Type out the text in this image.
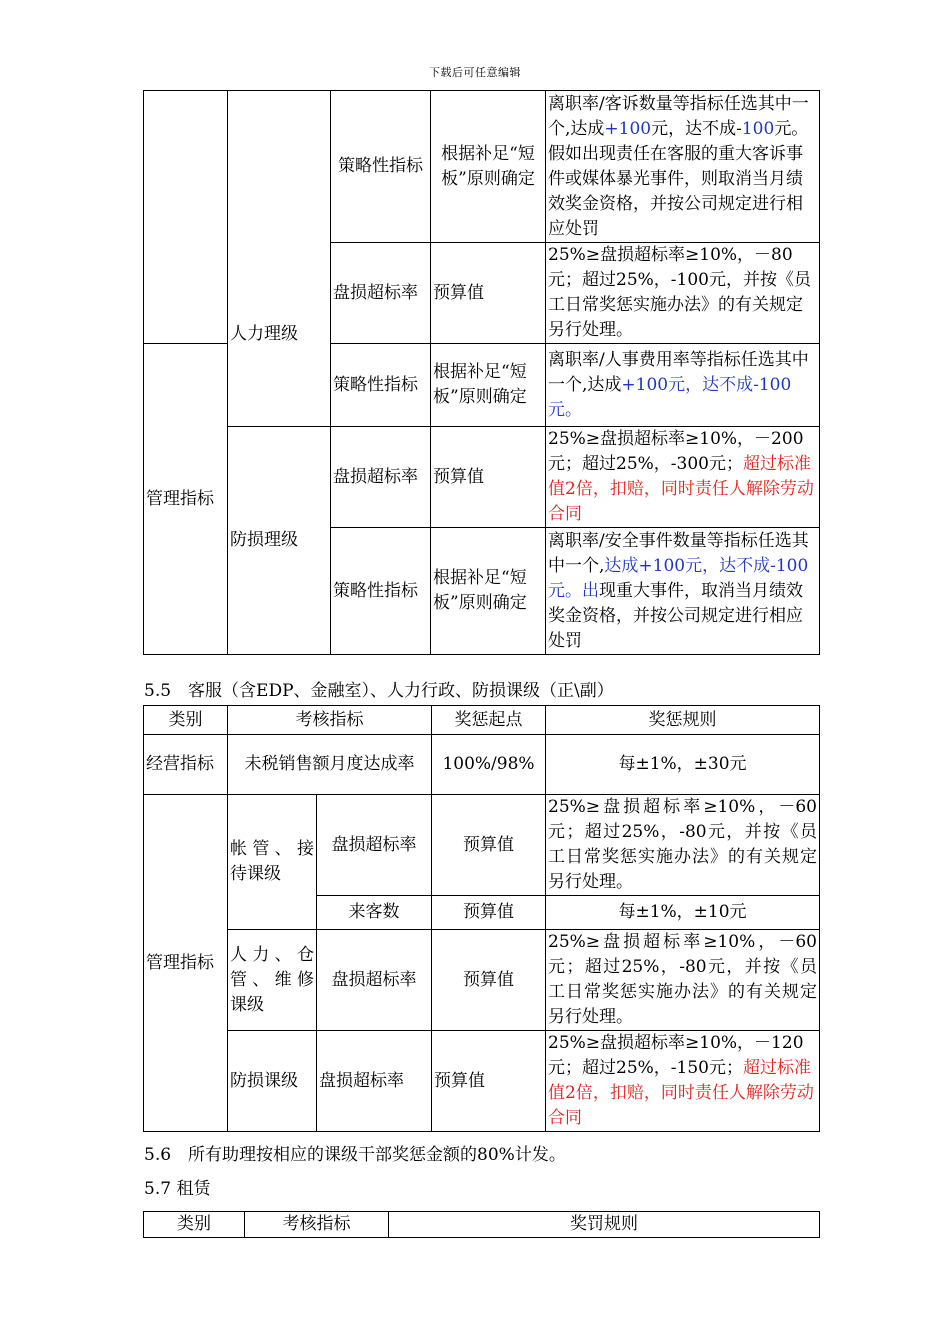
下载后可任意编辑
		策略性指标	根据补足“短板”原则确定	离职率/客诉数量等指标任选其中一个,达成+100元，达不成-100元。假如出现责任在客服的重大客诉事件或媒体暴光事件，则取消当月绩效奖金资格，并按公司规定进行相应处罚
	人力理级	盘损超标率	预算值	25%≥盘损超标率≥10%，－80元；超过25%，-100元，并按《员工日常奖惩实施办法》的有关规定另行处理。
管理指标		策略性指标	根据补足“短板”原则确定	离职率/人事费用率等指标任选其中一个,达成+100元，达不成-100元。
	防损理级	盘损超标率	预算值	25%≥盘损超标率≥10%，－200元；超过25%，-300元；超过标准值2倍，扣赔，同时责任人解除劳动合同
		策略性指标	根据补足“短板”原则确定	离职率/安全事件数量等指标任选其中一个,达成+100元，达不成-100元。出现重大事件，取消当月绩效奖金资格，并按公司规定进行相应处罚
5.5　客服（含EDP、金融室）、人力行政、防损课级（正\副）
类别	考核指标		奖惩起点	奖惩规则
经营指标	未税销售额月度达成率		100%/98%	每±1%，±30元
管理指标	帐管、接待课级	盘损超标率	预算值	25%≥盘损超标率≥10%，－60元；超过25%，-80元，并按《员工日常奖惩实施办法》的有关规定另行处理。
		来客数	预算值	每±1%，±10元
	人力、仓管、维修课级	盘损超标率	预算值	25%≥盘损超标率≥10%，－60元；超过25%，-80元，并按《员工日常奖惩实施办法》的有关规定另行处理。
	防损课级	盘损超标率	预算值	25%≥盘损超标率≥10%，－120元；超过25%，-150元；超过标准值2倍，扣赔，同时责任人解除劳动合同
5.6　所有助理按相应的课级干部奖惩金额的80%计发。
5.7 租赁
类别	考核指标	奖罚规则
